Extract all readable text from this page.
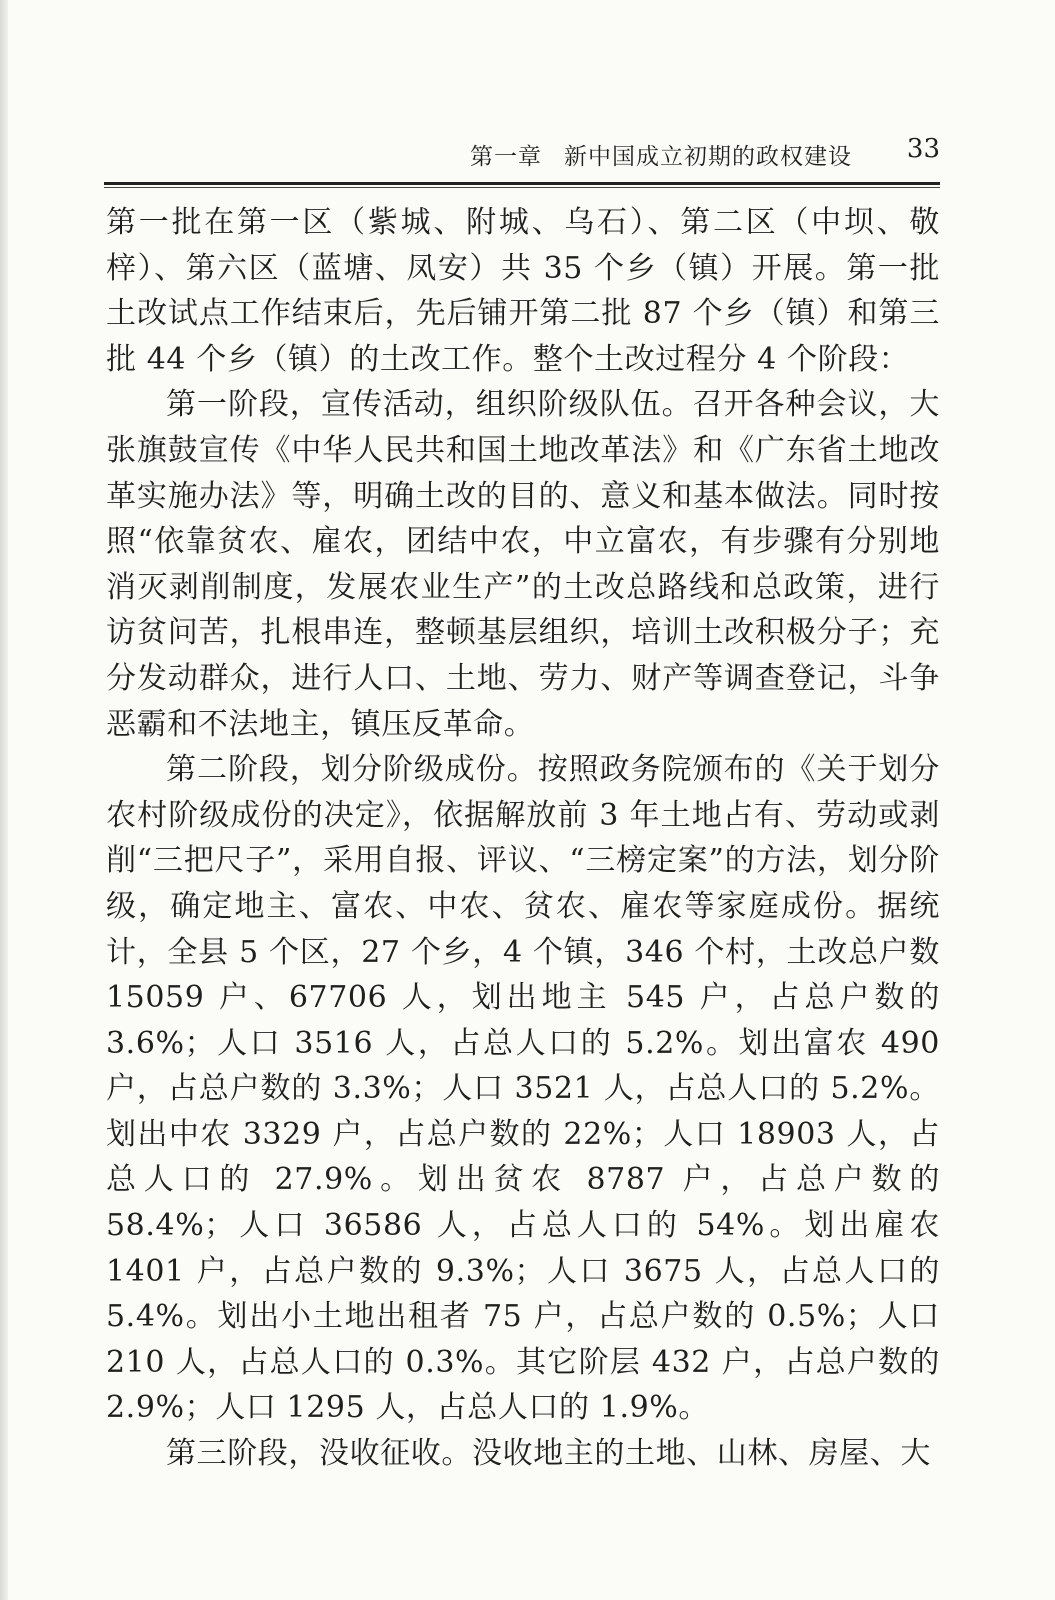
第一章 新中国成立初期的政权建设 33

第一批在第一区（紫城、附城、乌石）、第二区（中坝、敬梓）、第六区（蓝塘、凤安）共 35 个乡（镇）开展。第一批土改试点工作结束后，先后铺开第二批 87 个乡（镇）和第三批 44 个乡（镇）的土改工作。整个土改过程分 4 个阶段：

第一阶段，宣传活动，组织阶级队伍。召开各种会议，大张旗鼓宣传《中华人民共和国土地改革法》和《广东省土地改革实施办法》等，明确土改的目的、意义和基本做法。同时按照“依靠贫农、雇农，团结中农，中立富农，有步骤有分别地消灭剥削制度，发展农业生产”的土改总路线和总政策，进行访贫问苦，扎根串连，整顿基层组织，培训土改积极分子；充分发动群众，进行人口、土地、劳力、财产等调查登记，斗争恶霸和不法地主，镇压反革命。

第二阶段，划分阶级成份。按照政务院颁布的《关于划分农村阶级成份的决定》，依据解放前 3 年土地占有、劳动或剥削“三把尺子”，采用自报、评议、“三榜定案”的方法，划分阶级，确定地主、富农、中农、贫农、雇农等家庭成份。据统计，全县 5 个区，27 个乡，4 个镇，346 个村，土改总户数 15059 户、67706 人，划出地主 545 户，占总户数的 3.6%；人口 3516 人，占总人口的 5.2%。划出富农 490 户，占总户数的 3.3%；人口 3521 人，占总人口的 5.2%。划出中农 3329 户，占总户数的 22%；人口 18903 人，占总人口的 27.9%。划出贫农 8787 户，占总户数的 58.4%；人口 36586 人，占总人口的 54%。划出雇农 1401 户，占总户数的 9.3%；人口 3675 人，占总人口的 5.4%。划出小土地出租者 75 户，占总户数的 0.5%；人口 210 人，占总人口的 0.3%。其它阶层 432 户，占总户数的 2.9%；人口 1295 人，占总人口的 1.9%。

第三阶段，没收征收。没收地主的土地、山林、房屋、大
